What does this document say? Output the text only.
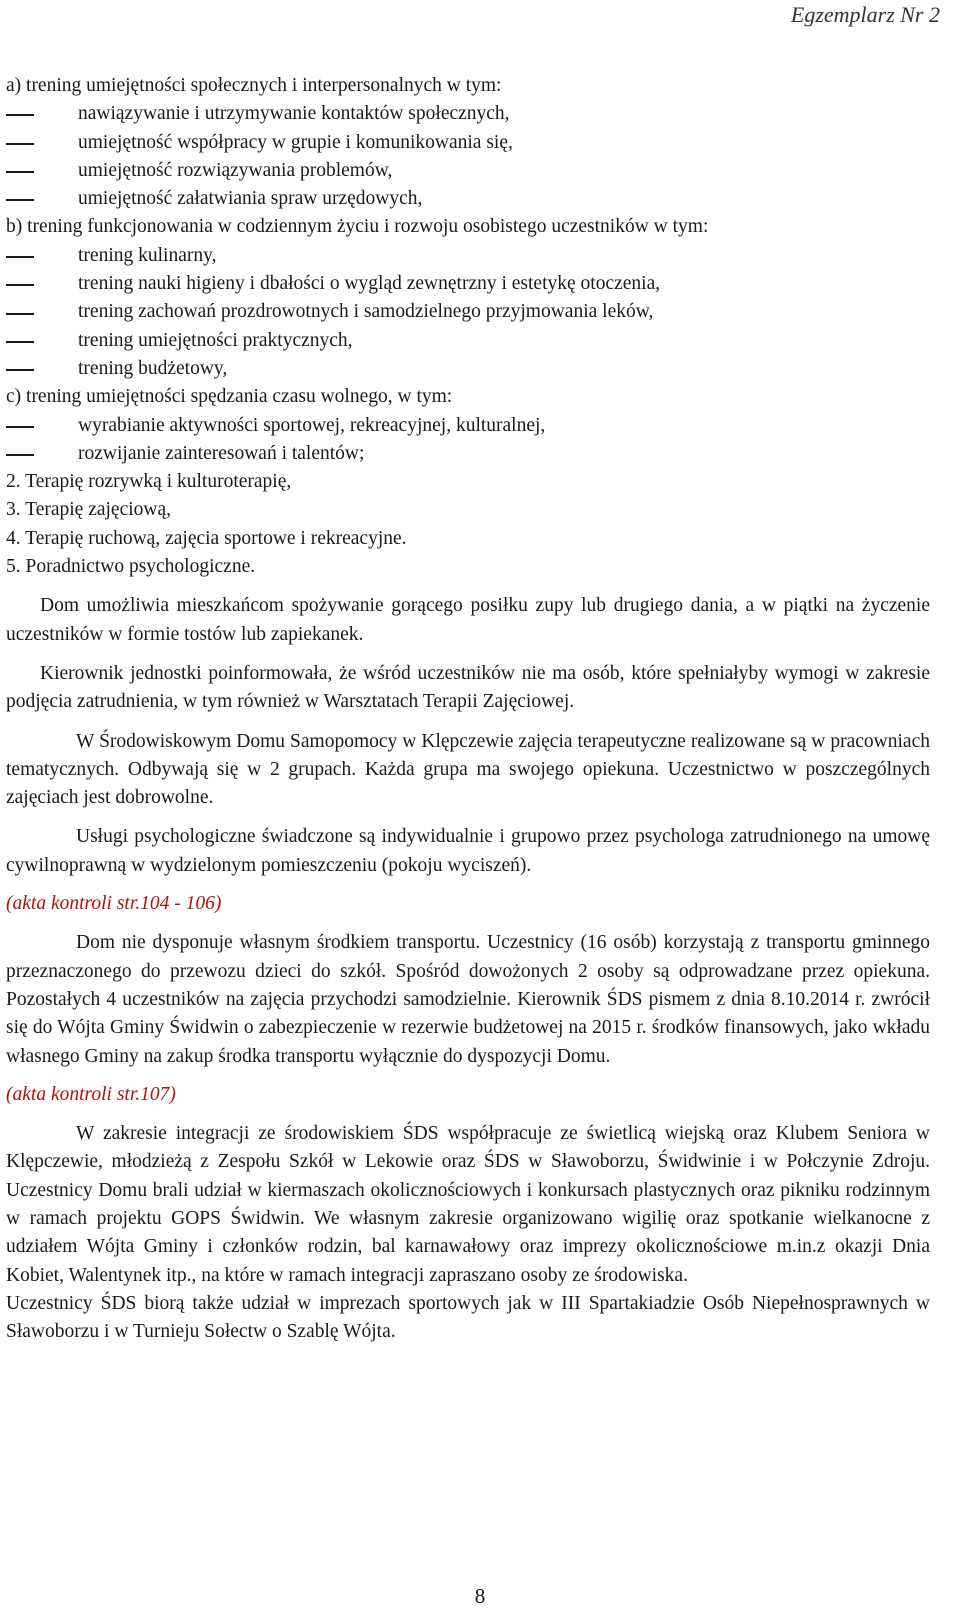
Egzemplarz Nr 2
a) trening umiejętności społecznych i interpersonalnych w tym:
nawiązywanie i utrzymywanie kontaktów społecznych,
umiejętność współpracy w grupie i komunikowania się,
umiejętność rozwiązywania problemów,
umiejętność załatwiania spraw urzędowych,
b) trening funkcjonowania w codziennym życiu i rozwoju osobistego uczestników w tym:
trening kulinarny,
trening nauki higieny i dbałości o wygląd zewnętrzny i estetykę otoczenia,
trening zachowań prozdrowotnych i samodzielnego przyjmowania leków,
trening umiejętności praktycznych,
trening budżetowy,
c) trening umiejętności spędzania czasu wolnego, w tym:
wyrabianie aktywności sportowej, rekreacyjnej, kulturalnej,
rozwijanie zainteresowań i talentów;
2. Terapię rozrywką i kulturoterapię,
3. Terapię zajęciową,
4. Terapię ruchową, zajęcia sportowe i rekreacyjne.
5. Poradnictwo psychologiczne.

Dom umożliwia mieszkańcom spożywanie gorącego posiłku zupy lub drugiego dania, a w piątki na życzenie uczestników w formie tostów lub zapiekanek.

Kierownik jednostki poinformowała, że wśród uczestników nie ma osób, które spełniałyby wymogi w zakresie podjęcia zatrudnienia, w tym również w Warsztatach Terapii Zajęciowej.

W Środowiskowym Domu Samopomocy w Klępczewie zajęcia terapeutyczne realizowane są w pracowniach tematycznych. Odbywają się w 2 grupach. Każda grupa ma swojego opiekuna. Uczestnictwo w poszczególnych zajęciach jest dobrowolne.

Usługi psychologiczne świadczone są indywidualnie i grupowo przez psychologa zatrudnionego na umowę cywilnoprawną w wydzielonym pomieszczeniu (pokoju wyciszeń).

(akta kontroli str.104 - 106)

Dom nie dysponuje własnym środkiem transportu. Uczestnicy (16 osób) korzystają z transportu gminnego przeznaczonego do przewozu dzieci do szkół. Spośród dowożonych 2 osoby są odprowadzane przez opiekuna. Pozostałych 4 uczestników na zajęcia przychodzi samodzielnie. Kierownik ŚDS pismem z dnia 8.10.2014 r. zwrócił się do Wójta Gminy Świdwin o zabezpieczenie w rezerwie budżetowej na 2015 r. środków finansowych, jako wkładu własnego Gminy na zakup środka transportu wyłącznie do dyspozycji Domu.

(akta kontroli str.107)

W zakresie integracji ze środowiskiem ŚDS współpracuje ze świetlicą wiejską oraz Klubem Seniora w Klępczewie, młodzieżą z Zespołu Szkół w Lekowie oraz ŚDS w Sławoborzu, Świdwinie i w Połczynie Zdroju. Uczestnicy Domu brali udział w kiermaszach okolicznościowych i konkursach plastycznych oraz pikniku rodzinnym w ramach projektu GOPS Świdwin. We własnym zakresie organizowano wigilię oraz spotkanie wielkanocne z udziałem Wójta Gminy i członków rodzin, bal karnawałowy oraz imprezy okolicznościowe m.in.z okazji Dnia Kobiet, Walentynek itp., na które w ramach integracji zapraszano osoby ze środowiska.

Uczestnicy ŚDS biorą także udział w imprezach sportowych jak w III Spartakiadzie Osób Niepełnosprawnych w Sławoborzu i w Turnieju Sołectw o Szablę Wójta.

8
